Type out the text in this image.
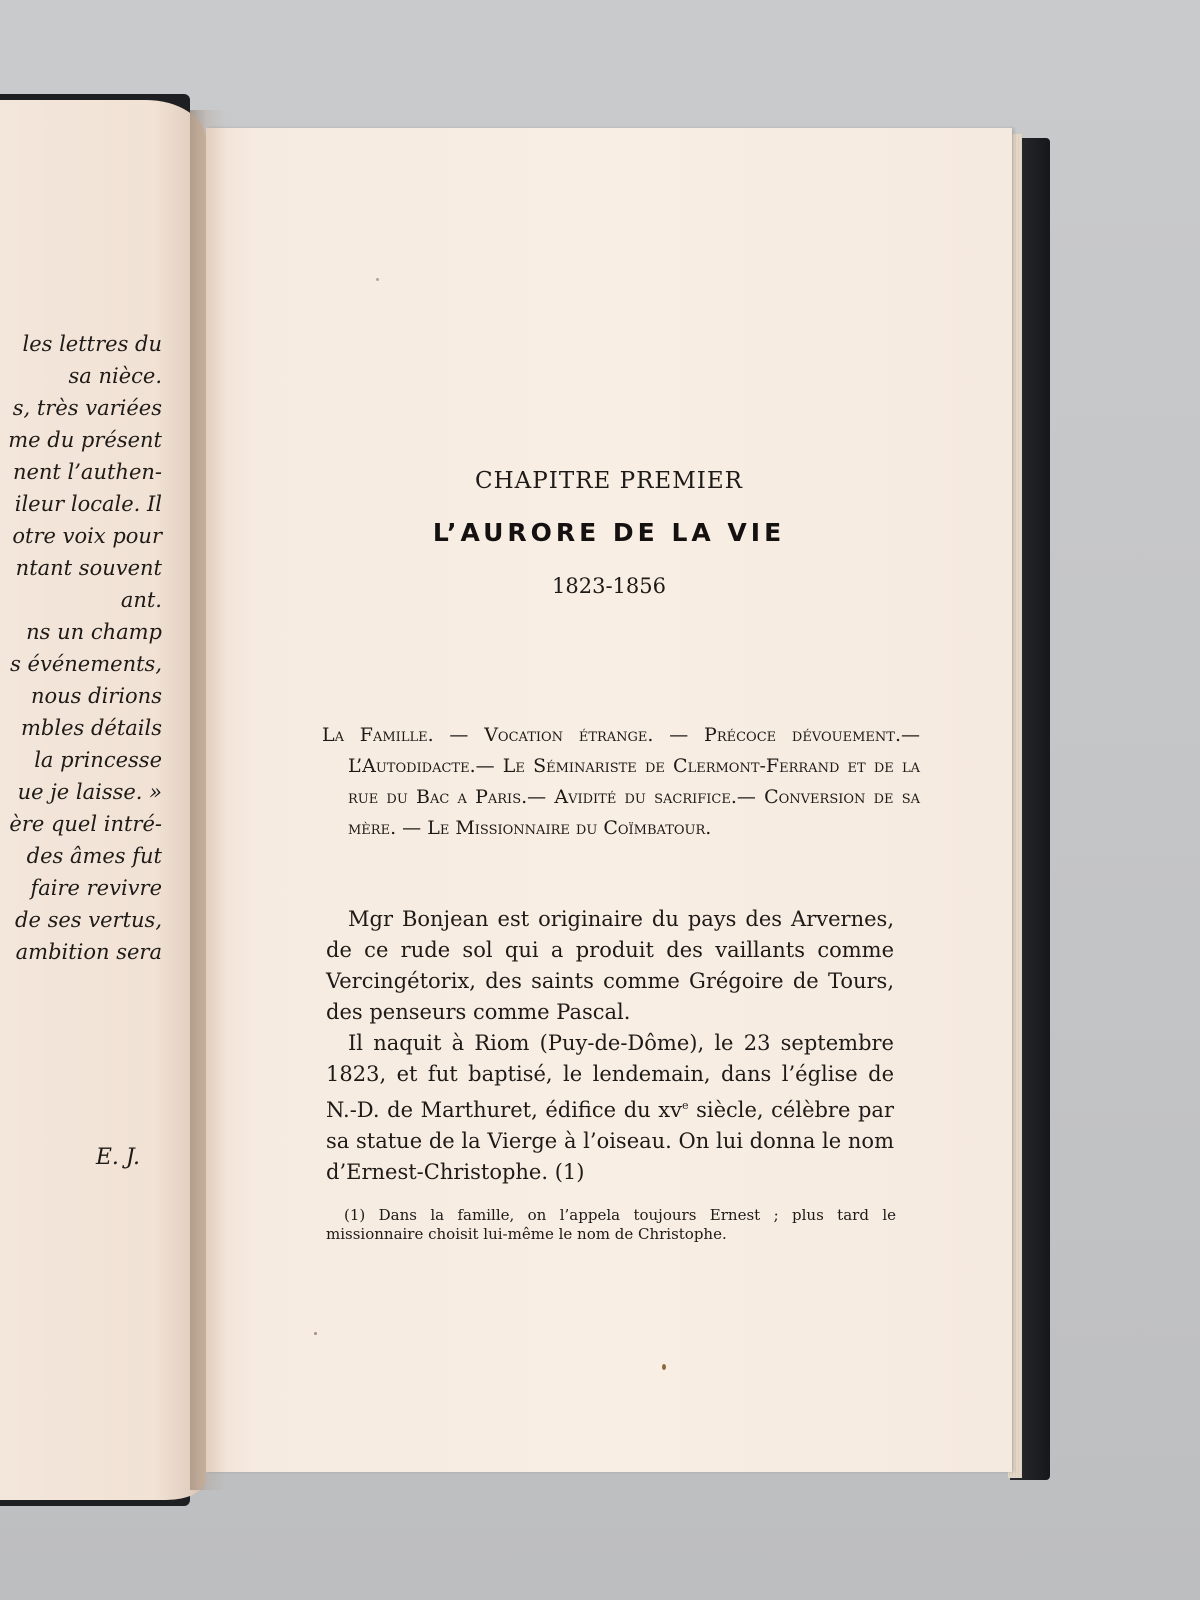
les lettres du
sa nièce.
s, très variées
me du présent
nent l’authen-
ileur locale. Il
otre voix pour
ntant souvent
ant.
ns un champ
s événements,
nous dirions
mbles détails
la princesse
ue je laisse. »
ère quel intré-
des âmes fut
faire revivre
de ses vertus,
ambition sera
E. J.
CHAPITRE PREMIER
L’AURORE DE LA VIE
1823-1856
La Famille. — Vocation étrange. — Précoce dévouement.— L’Autodidacte.— Le Séminariste de Clermont-Ferrand et de la rue du Bac a Paris.— Avidité du sacrifice.— Conversion de sa mère. — Le Missionnaire du Coïmbatour.

Mgr Bonjean est originaire du pays des Arvernes, de ce rude sol qui a produit des vaillants comme Vercingétorix, des saints comme Grégoire de Tours, des penseurs comme Pascal.

Il naquit à Riom (Puy-de-Dôme), le 23 septembre 1823, et fut baptisé, le lendemain, dans l’église de N.-D. de Marthuret, édifice du $xv^e$ siècle, célèbre par sa statue de la Vierge à l’oiseau. On lui donna le nom d’Ernest-Christophe. (1)

(1) Dans la famille, on l’appela toujours Ernest ; plus tard le missionnaire choisit lui-même le nom de Christophe.
